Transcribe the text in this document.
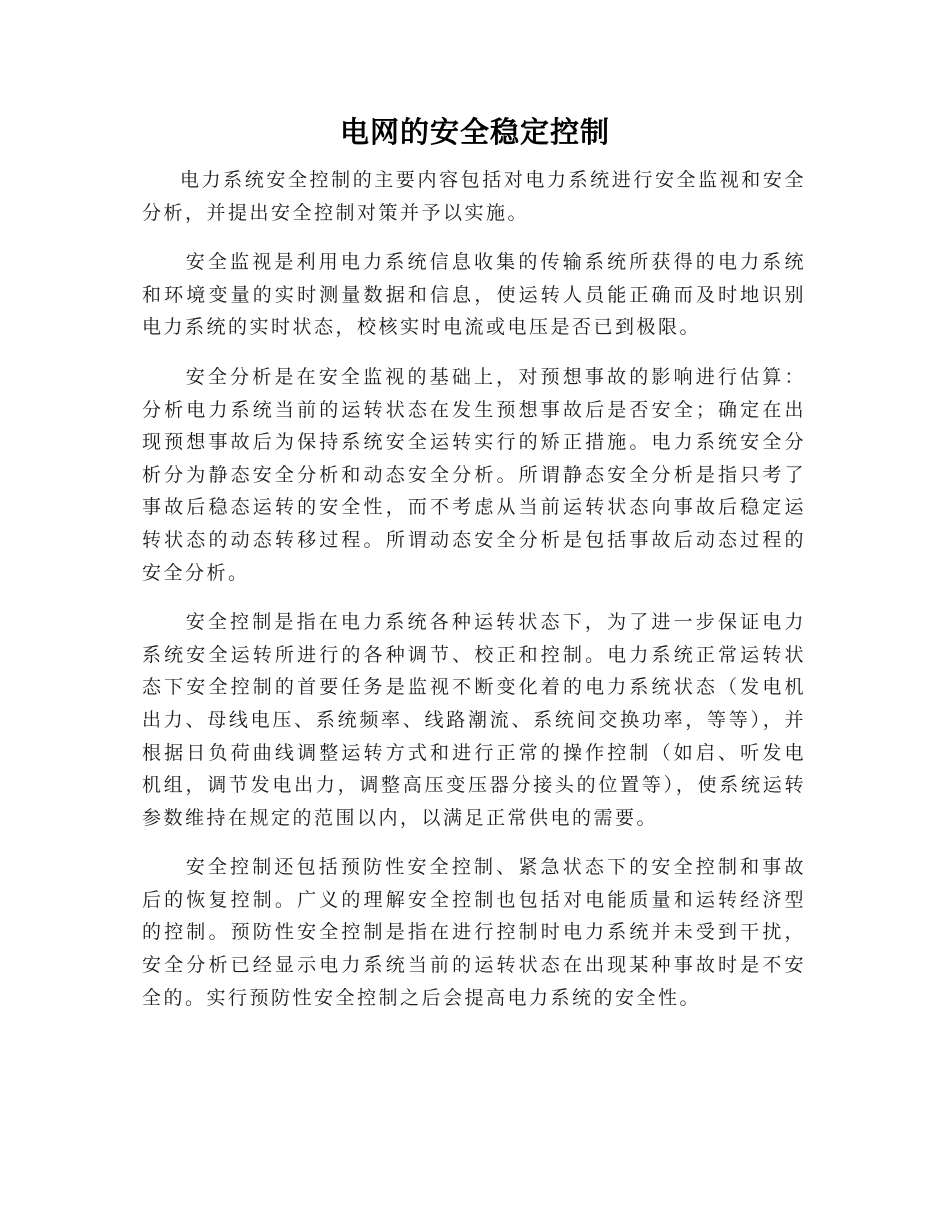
电网的安全稳定控制

电力系统安全控制的主要内容包括对电力系统进行安全监视和安全分析，并提出安全控制对策并予以实施。

安全监视是利用电力系统信息收集的传输系统所获得的电力系统和环境变量的实时测量数据和信息，使运转人员能正确而及时地识别电力系统的实时状态，校核实时电流或电压是否已到极限。

安全分析是在安全监视的基础上，对预想事故的影响进行估算：分析电力系统当前的运转状态在发生预想事故后是否安全；确定在出现预想事故后为保持系统安全运转实行的矫正措施。电力系统安全分析分为静态安全分析和动态安全分析。所谓静态安全分析是指只考了事故后稳态运转的安全性，而不考虑从当前运转状态向事故后稳定运转状态的动态转移过程。所谓动态安全分析是包括事故后动态过程的安全分析。

安全控制是指在电力系统各种运转状态下，为了进一步保证电力系统安全运转所进行的各种调节、校正和控制。电力系统正常运转状态下安全控制的首要任务是监视不断变化着的电力系统状态（发电机出力、母线电压、系统频率、线路潮流、系统间交换功率，等等），并根据日负荷曲线调整运转方式和进行正常的操作控制（如启、听发电机组，调节发电出力，调整高压变压器分接头的位置等），使系统运转参数维持在规定的范围以内，以满足正常供电的需要。

安全控制还包括预防性安全控制、紧急状态下的安全控制和事故后的恢复控制。广义的理解安全控制也包括对电能质量和运转经济型的控制。预防性安全控制是指在进行控制时电力系统并未受到干扰，安全分析已经显示电力系统当前的运转状态在出现某种事故时是不安全的。实行预防性安全控制之后会提高电力系统的安全性。
